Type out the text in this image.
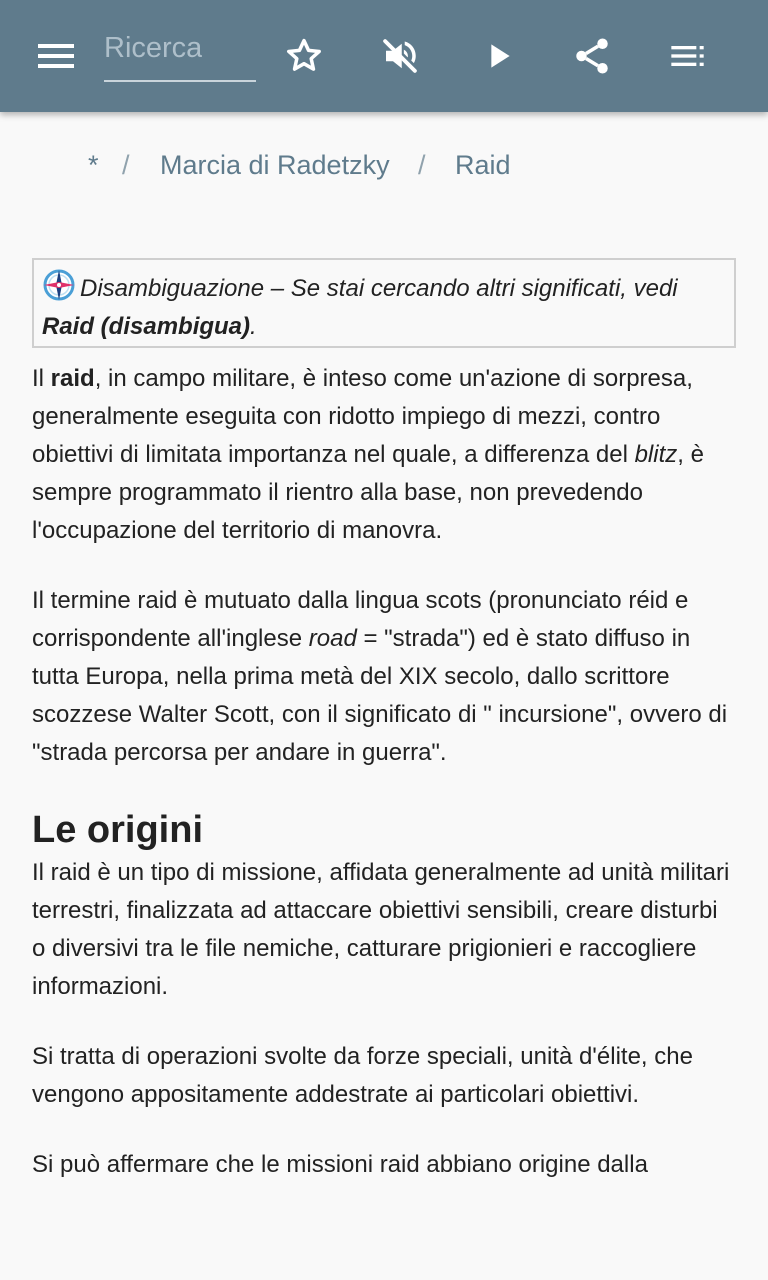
Ricerca
* / Marcia di Radetzky / Raid
Disambiguazione – Se stai cercando altri significati, vedi Raid (disambigua).

Il raid, in campo militare, è inteso come un'azione di sorpresa, generalmente eseguita con ridotto impiego di mezzi, contro obiettivi di limitata importanza nel quale, a differenza del blitz, è sempre programmato il rientro alla base, non prevedendo l'occupazione del territorio di manovra.

Il termine raid è mutuato dalla lingua scots (pronunciato réid e corrispondente all'inglese road = "strada") ed è stato diffuso in tutta Europa, nella prima metà del XIX secolo, dallo scrittore scozzese Walter Scott, con il significato di " incursione", ovvero di "strada percorsa per andare in guerra".

Le origini

Il raid è un tipo di missione, affidata generalmente ad unità militari terrestri, finalizzata ad attaccare obiettivi sensibili, creare disturbi o diversivi tra le file nemiche, catturare prigionieri e raccogliere informazioni.

Si tratta di operazioni svolte da forze speciali, unità d'élite, che vengono appositamente addestrate ai particolari obiettivi.

Si può affermare che le missioni raid abbiano origine dalla
